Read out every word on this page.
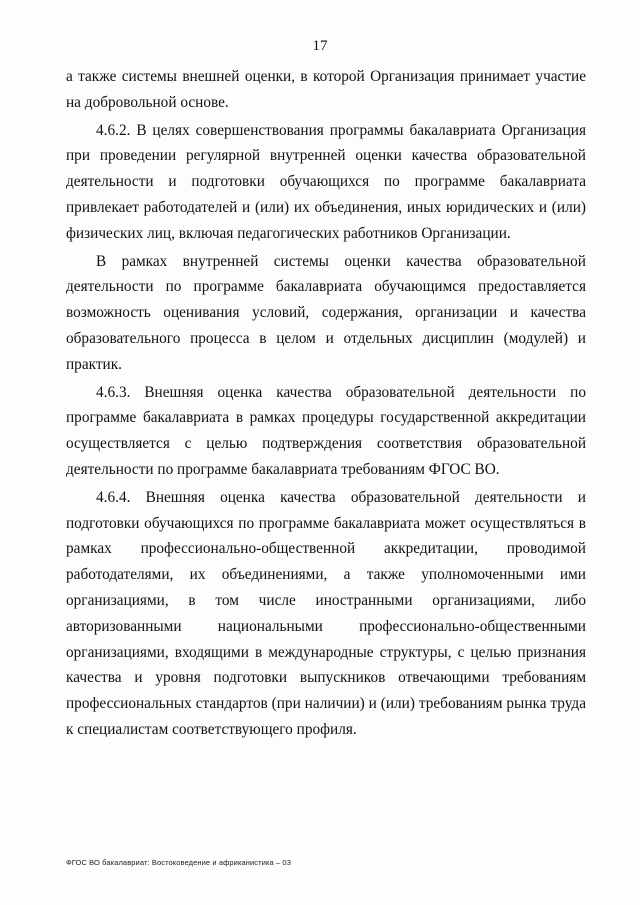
17

а также системы внешней оценки, в которой Организация принимает участие на добровольной основе.

4.6.2. В целях совершенствования программы бакалавриата Организация при проведении регулярной внутренней оценки качества образовательной деятельности и подготовки обучающихся по программе бакалавриата привлекает работодателей и (или) их объединения, иных юридических и (или) физических лиц, включая педагогических работников Организации.

В рамках внутренней системы оценки качества образовательной деятельности по программе бакалавриата обучающимся предоставляется возможность оценивания условий, содержания, организации и качества образовательного процесса в целом и отдельных дисциплин (модулей) и практик.

4.6.3. Внешняя оценка качества образовательной деятельности по программе бакалавриата в рамках процедуры государственной аккредитации осуществляется с целью подтверждения соответствия образовательной деятельности по программе бакалавриата требованиям ФГОС ВО.

4.6.4. Внешняя оценка качества образовательной деятельности и подготовки обучающихся по программе бакалавриата может осуществляться в рамках профессионально-общественной аккредитации, проводимой работодателями, их объединениями, а также уполномоченными ими организациями, в том числе иностранными организациями, либо авторизованными национальными профессионально-общественными организациями, входящими в международные структуры, с целью признания качества и уровня подготовки выпускников отвечающими требованиям профессиональных стандартов (при наличии) и (или) требованиям рынка труда к специалистам соответствующего профиля.

ФГОС ВО бакалавриат: Востоковедение и африканистика – 03
